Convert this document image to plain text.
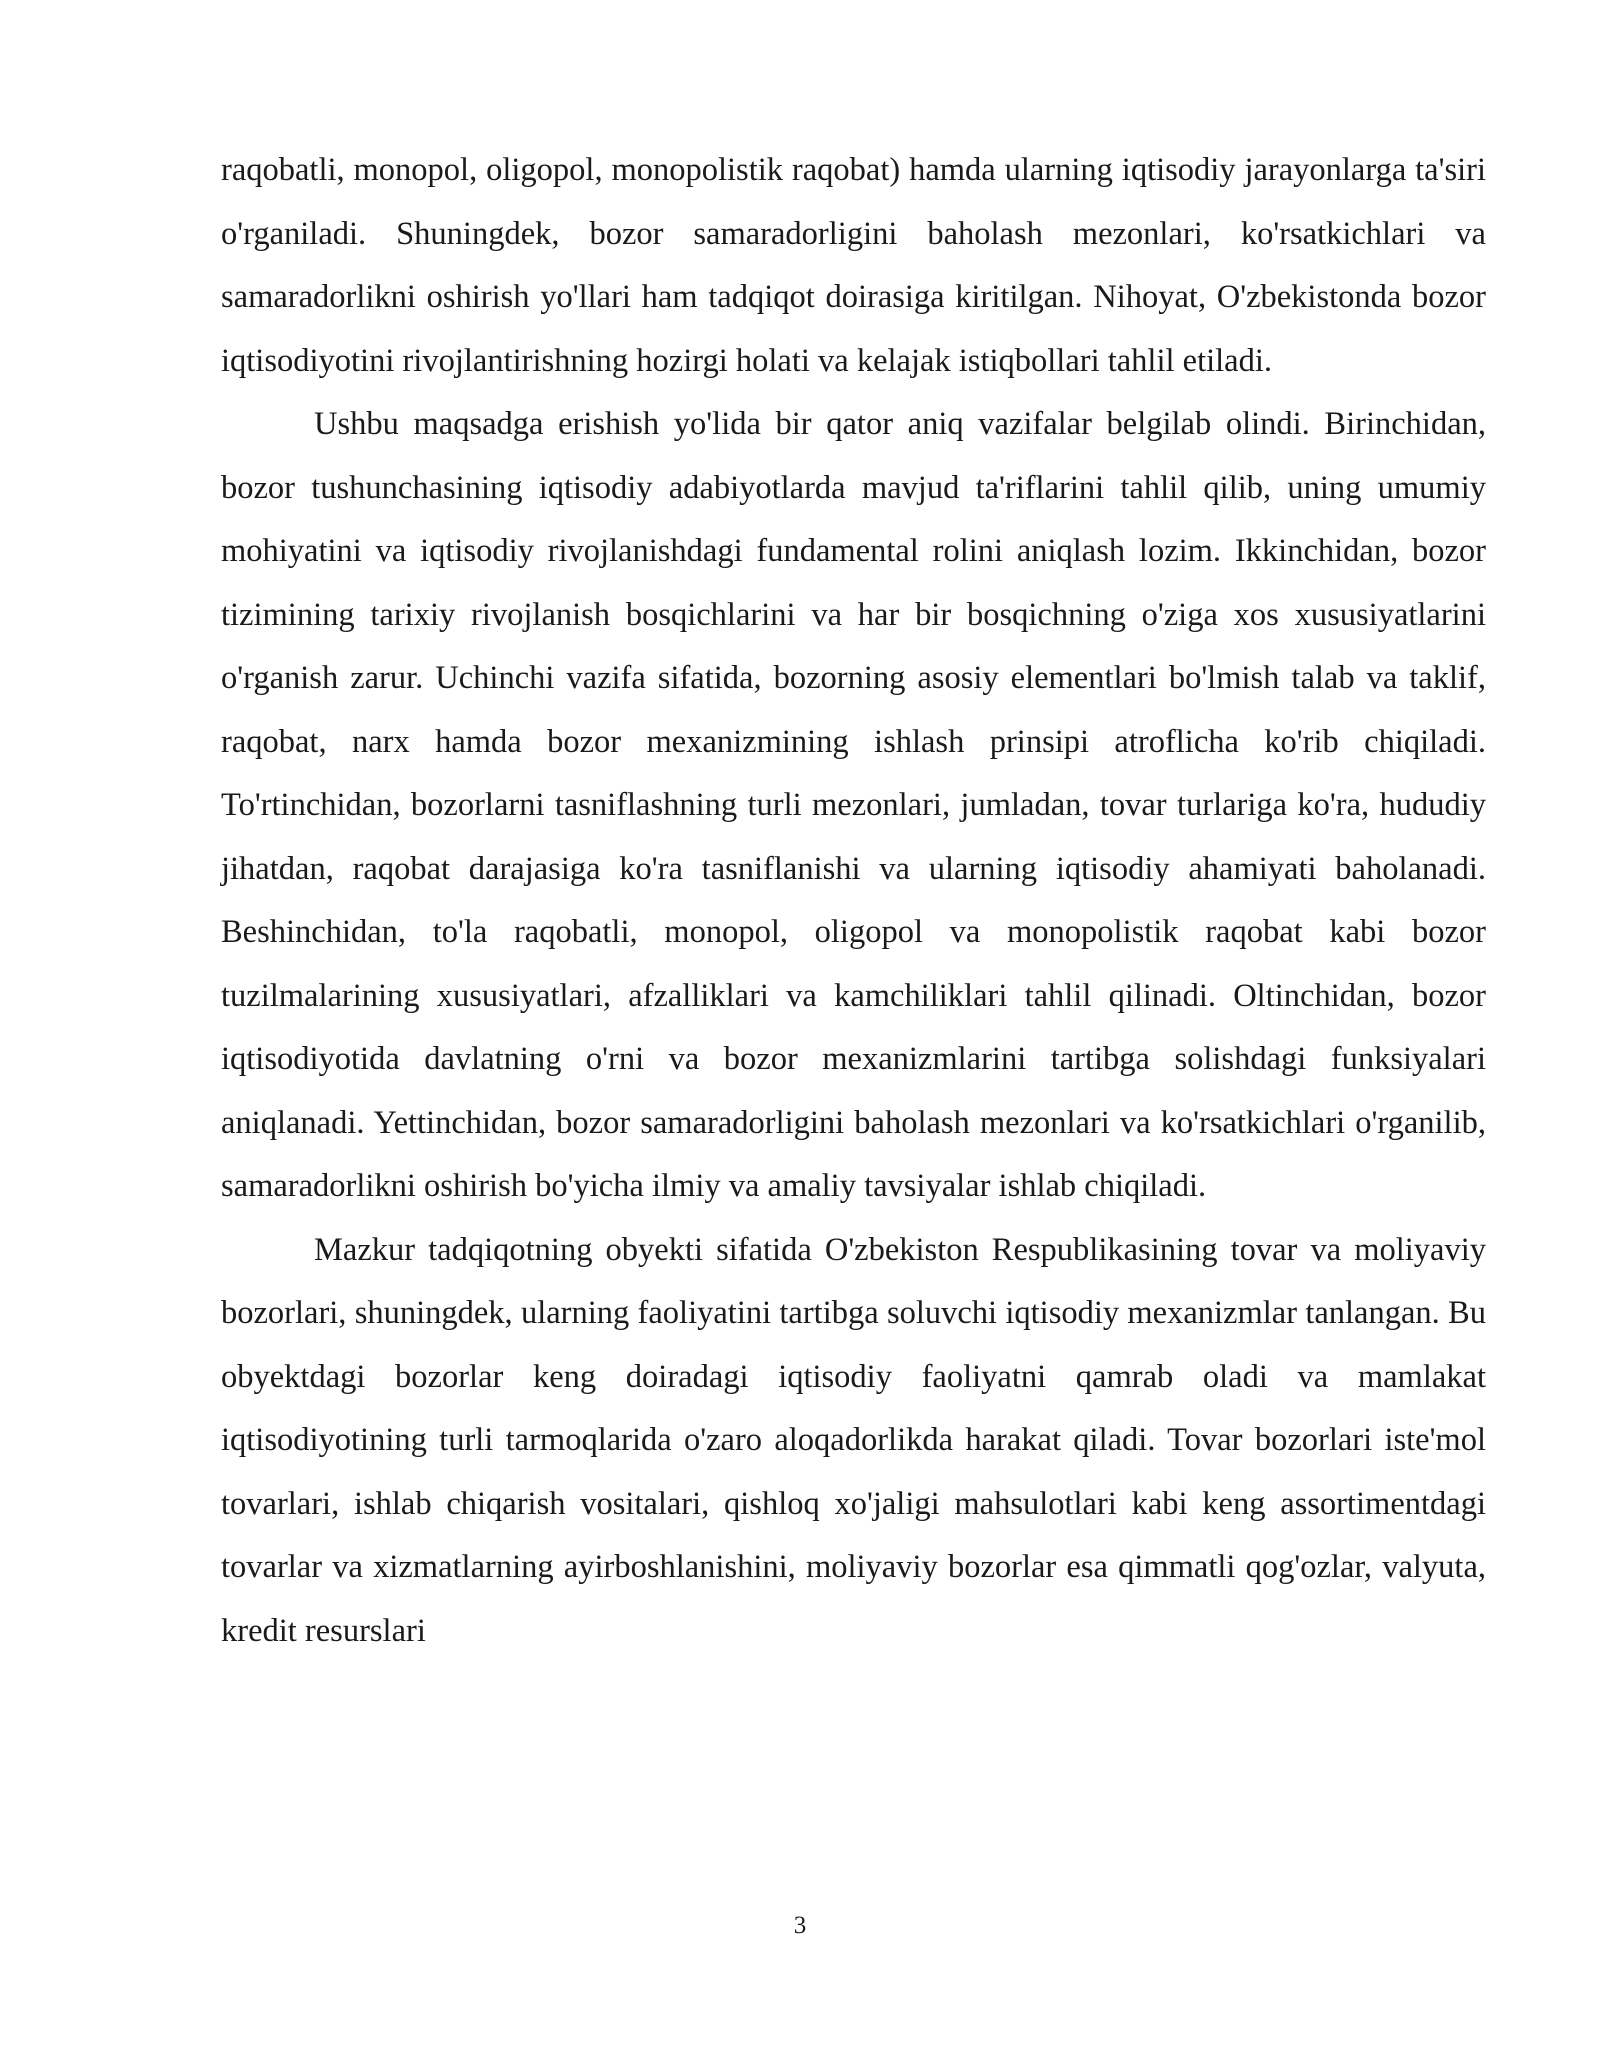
raqobatli, monopol, oligopol, monopolistik raqobat) hamda ularning iqtisodiy jarayonlarga ta'siri o'rganiladi. Shuningdek, bozor samaradorligini baholash mezonlari, ko'rsatkichlari va samaradorlikni oshirish yo'llari ham tadqiqot doirasiga kiritilgan. Nihoyat, O'zbekistonda bozor iqtisodiyotini rivojlantirishning hozirgi holati va kelajak istiqbollari tahlil etiladi.

Ushbu maqsadga erishish yo'lida bir qator aniq vazifalar belgilab olindi. Birinchidan, bozor tushunchasining iqtisodiy adabiyotlarda mavjud ta'riflarini tahlil qilib, uning umumiy mohiyatini va iqtisodiy rivojlanishdagi fundamental rolini aniqlash lozim. Ikkinchidan, bozor tizimining tarixiy rivojlanish bosqichlarini va har bir bosqichning o'ziga xos xususiyatlarini o'rganish zarur. Uchinchi vazifa sifatida, bozorning asosiy elementlari bo'lmish talab va taklif, raqobat, narx hamda bozor mexanizmining ishlash prinsipi atroflicha ko'rib chiqiladi. To'rtinchidan, bozorlarni tasniflashning turli mezonlari, jumladan, tovar turlariga ko'ra, hududiy jihatdan, raqobat darajasiga ko'ra tasniflanishi va ularning iqtisodiy ahamiyati baholanadi. Beshinchidan, to'la raqobatli, monopol, oligopol va monopolistik raqobat kabi bozor tuzilmalarining xususiyatlari, afzalliklari va kamchiliklari tahlil qilinadi. Oltinchidan, bozor iqtisodiyotida davlatning o'rni va bozor mexanizmlarini tartibga solishdagi funksiyalari aniqlanadi. Yettinchidan, bozor samaradorligini baholash mezonlari va ko'rsatkichlari o'rganilib, samaradorlikni oshirish bo'yicha ilmiy va amaliy tavsiyalar ishlab chiqiladi.

Mazkur tadqiqotning obyekti sifatida O'zbekiston Respublikasining tovar va moliyaviy bozorlari, shuningdek, ularning faoliyatini tartibga soluvchi iqtisodiy mexanizmlar tanlangan. Bu obyektdagi bozorlar keng doiradagi iqtisodiy faoliyatni qamrab oladi va mamlakat iqtisodiyotining turli tarmoqlarida o'zaro aloqadorlikda harakat qiladi. Tovar bozorlari iste'mol tovarlari, ishlab chiqarish vositalari, qishloq xo'jaligi mahsulotlari kabi keng assortimentdagi tovarlar va xizmatlarning ayirboshlanishini, moliyaviy bozorlar esa qimmatli qog'ozlar, valyuta, kredit resurslari

3
